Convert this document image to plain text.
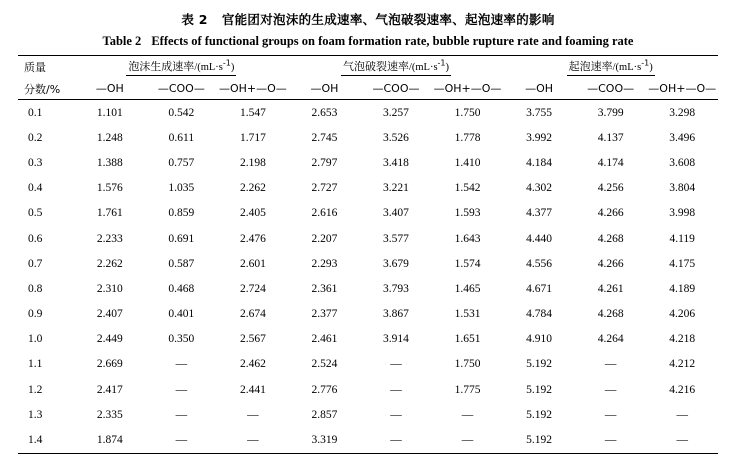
表 2 官能团对泡沫的生成速率、气泡破裂速率、起泡速率的影响
Table 2 Effects of functional groups on foam formation rate, bubble rupture rate and foaming rate

质量	泡沫生成速率$/(mL\cdot s^{-1})$			气泡破裂速率$/(mL\cdot s^{-1})$			起泡速率$/(mL\cdot s^{-1})$		
分数/%	—OH	—COO—	—OH+—O—	—OH	—COO—	—OH+—O—	—OH	—COO—	—OH+—O—

0.1	1.101	0.542	1.547	2.653	3.257	1.750	3.755	3.799	3.298
0.2	1.248	0.611	1.717	2.745	3.526	1.778	3.992	4.137	3.496
0.3	1.388	0.757	2.198	2.797	3.418	1.410	4.184	4.174	3.608
0.4	1.576	1.035	2.262	2.727	3.221	1.542	4.302	4.256	3.804
0.5	1.761	0.859	2.405	2.616	3.407	1.593	4.377	4.266	3.998
0.6	2.233	0.691	2.476	2.207	3.577	1.643	4.440	4.268	4.119
0.7	2.262	0.587	2.601	2.293	3.679	1.574	4.556	4.266	4.175
0.8	2.310	0.468	2.724	2.361	3.793	1.465	4.671	4.261	4.189
0.9	2.407	0.401	2.674	2.377	3.867	1.531	4.784	4.268	4.206
1.0	2.449	0.350	2.567	2.461	3.914	1.651	4.910	4.264	4.218
1.1	2.669	—	2.462	2.524	—	1.750	5.192	—	4.212
1.2	2.417	—	2.441	2.776	—	1.775	5.192	—	4.216
1.3	2.335	—	—	2.857	—	—	5.192	—	—
1.4	1.874	—	—	3.319	—	—	5.192	—	—
